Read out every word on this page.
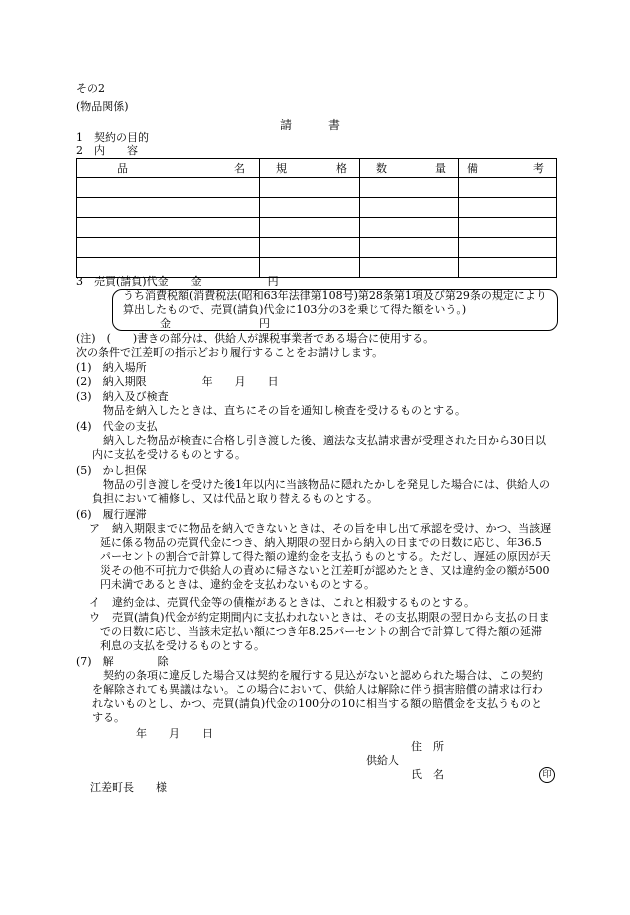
その2
(物品関係)
請　　　書
1　契約の目的
2　内　　容
品 名	規 格	数 量	備 考

3　売買(請負)代金　　金　　　　　　円
うち消費税額(消費税法(昭和63年法律第108号)第28条第1項及び第29条の規定により算出したもので、売買(請負)代金に103分の3を乗じて得た額をいう。)
金　　　　　　　　円
(注)　(　　)書きの部分は、供給人が課税事業者である場合に使用する。
次の条件で江差町の指示どおり履行することをお請けします。
(1)　 納入場所
(2)　 納入期限　　　　　年　　月　　日
(3)　 納入及び検査
物品を納入したときは、直ちにその旨を通知し検査を受けるものとする。
(4)　 代金の支払
納入した物品が検査に合格し引き渡した後、適法な支払請求書が受理された日から30日以内に支払を受けるものとする。
(5)　 かし担保
物品の引き渡しを受けた後1年以内に当該物品に隠れたかしを発見した場合には、供給人の負担において補修し、又は代品と取り替えるものとする。
(6)　 履行遅滞
ア	納入期限までに物品を納入できないときは、その旨を申し出て承認を受け、かつ、当該遅延に係る物品の売買代金につき、納入期限の翌日から納入の日までの日数に応じ、年36.5パーセントの割合で計算して得た額の違約金を支払うものとする。ただし、遅延の原因が天災その他不可抗力で供給人の責めに帰さないと江差町が認めたとき、又は違約金の額が500円未満であるときは、違約金を支払わないものとする。
イ 違約金は、売買代金等の債権があるときは、これと相殺するものとする。
ウ	売買(請負)代金が約定期間内に支払われないときは、その支払期限の翌日から支払の日までの日数に応じ、当該未定払い額につき年8.25パーセントの割合で計算して得た額の延滞利息の支払を受けるものとする。
(7)　 解　　　　除
契約の条項に違反した場合又は契約を履行する見込がないと認められた場合は、この契約を解除されても異議はない。この場合において、供給人は解除に伴う損害賠償の請求は行われないものとし、かつ、売買(請負)代金の100分の10に相当する額の賠償金を支払うものとする。
年　　月　　日
住　所
供給人
氏　名	印
江差町長　　様
